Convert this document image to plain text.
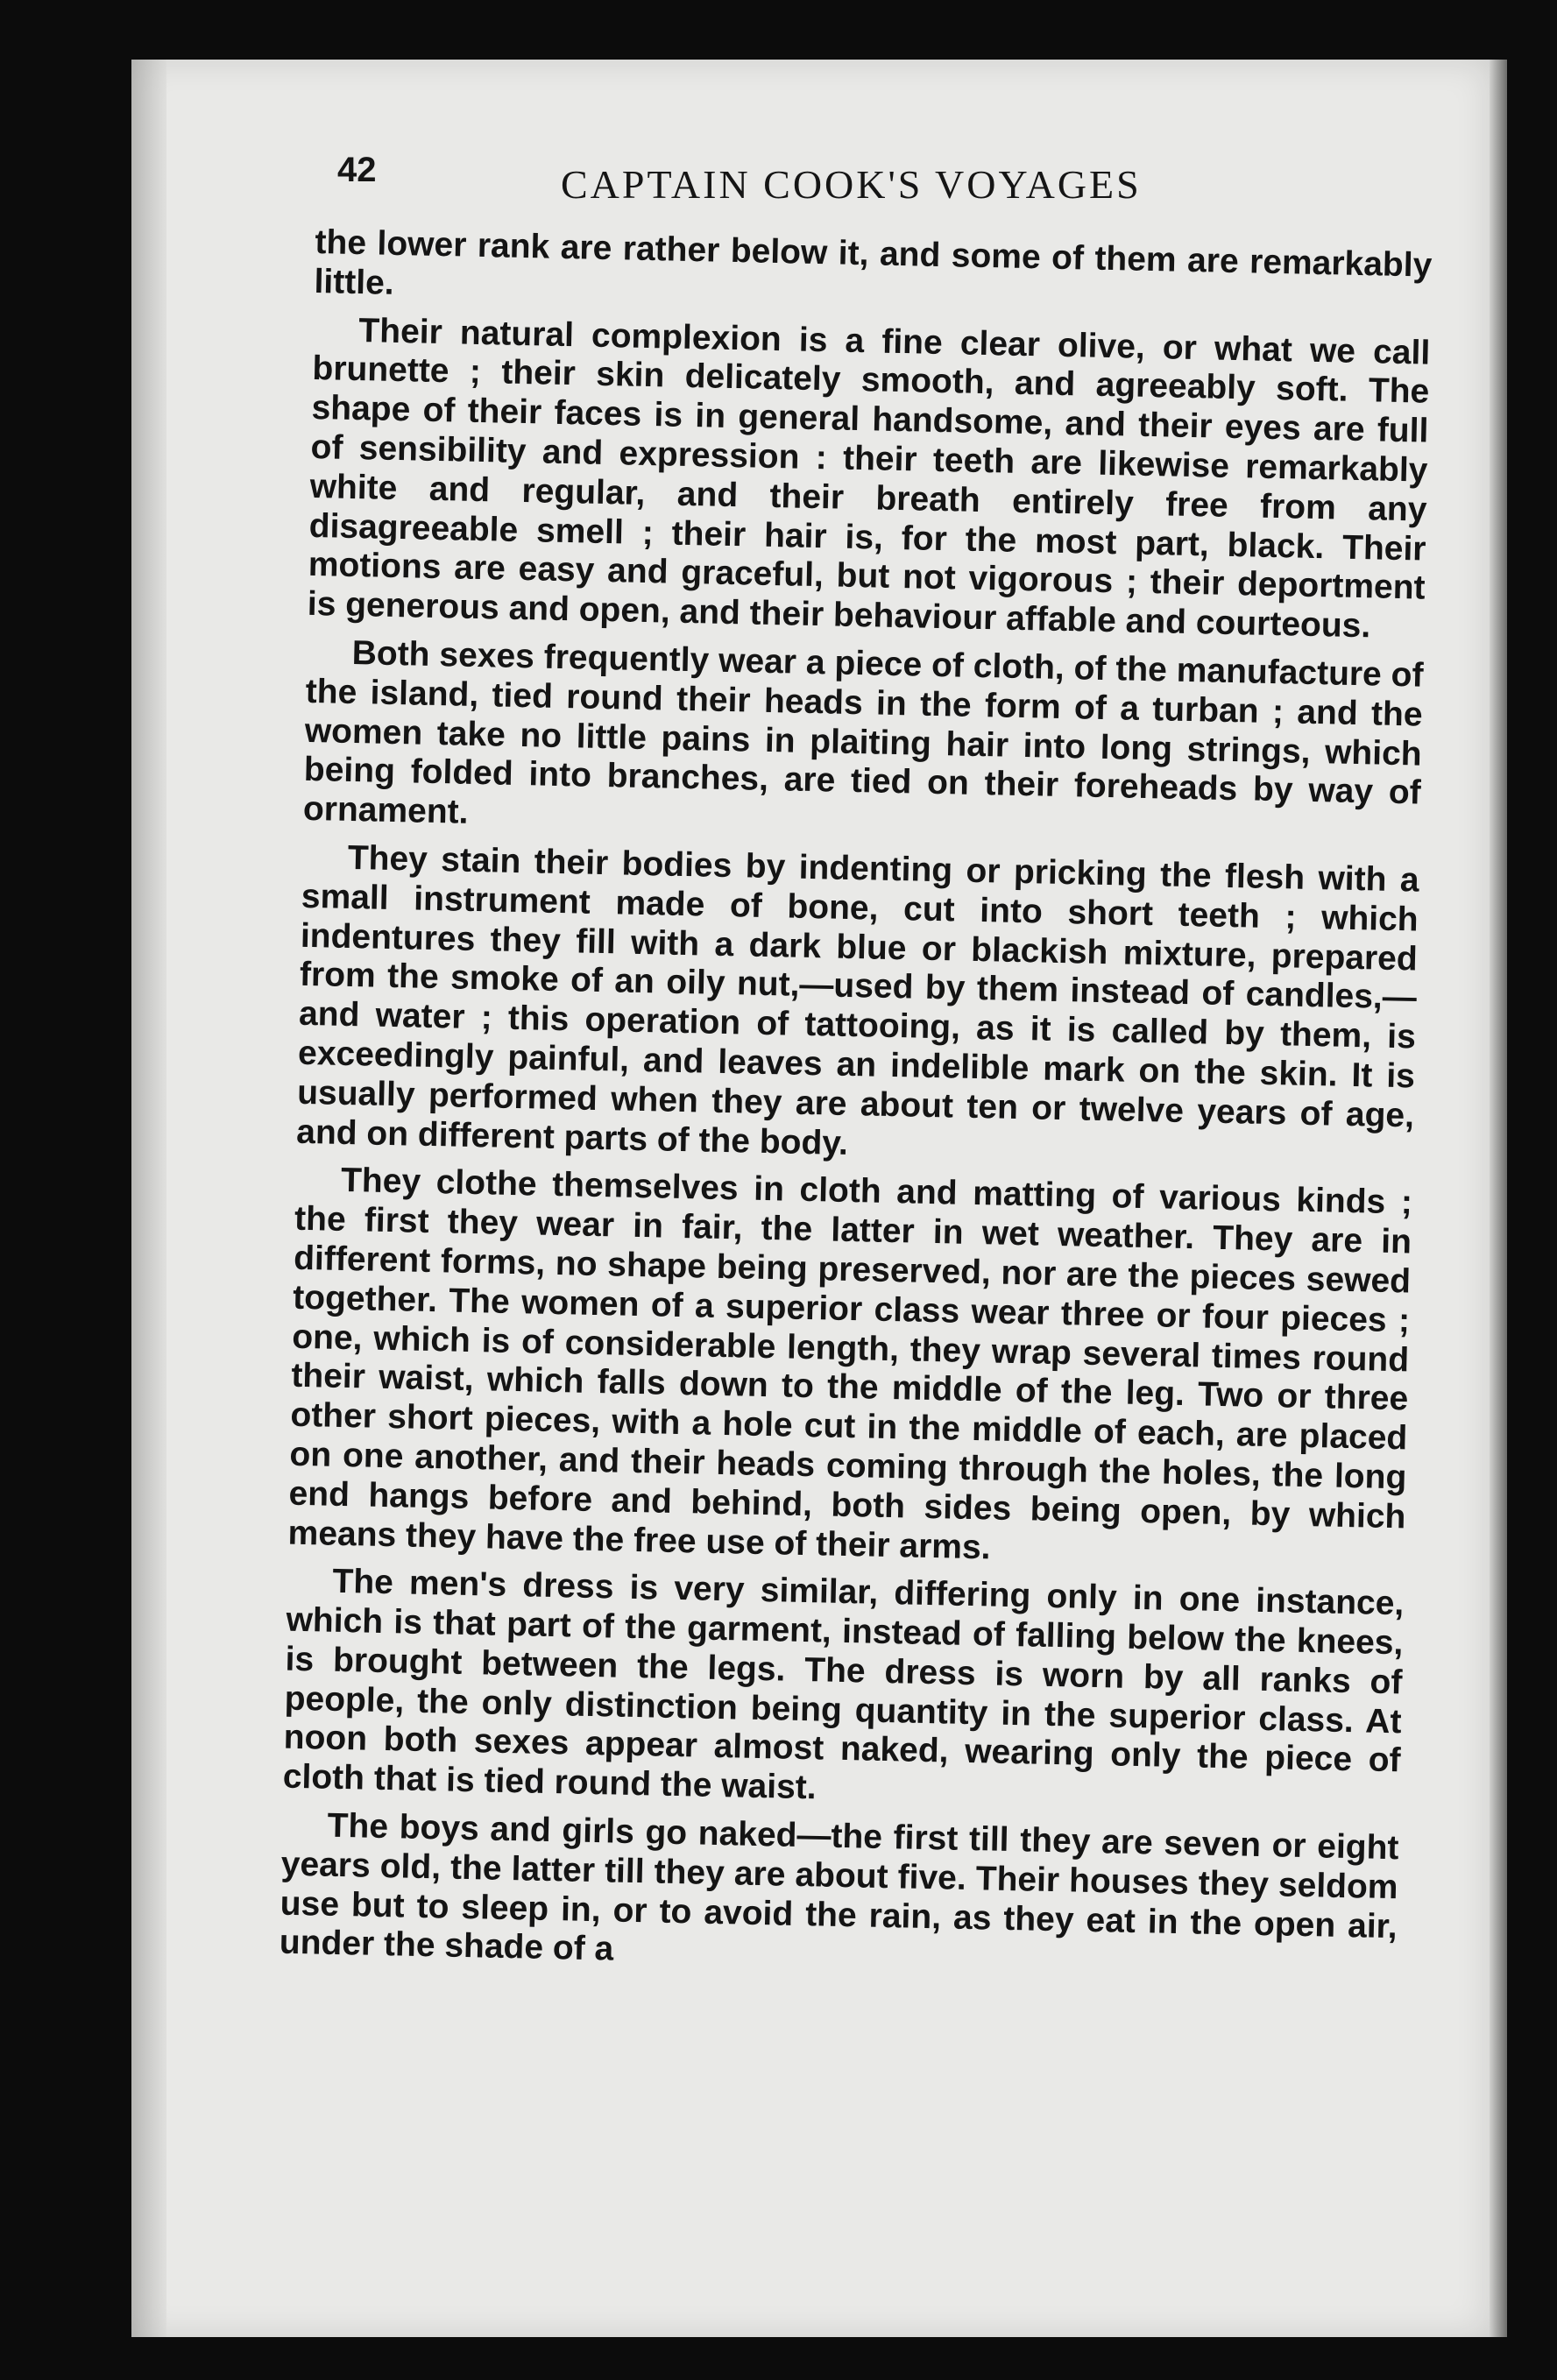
42	CAPTAIN COOK'S VOYAGES

the lower rank are rather below it, and some of them are remarkably little.

Their natural complexion is a fine clear olive, or what we call brunette ; their skin delicately smooth, and agreeably soft. The shape of their faces is in general handsome, and their eyes are full of sensibility and expression : their teeth are likewise remarkably white and regular, and their breath entirely free from any disagreeable smell ; their hair is, for the most part, black. Their motions are easy and graceful, but not vigorous ; their deportment is generous and open, and their behaviour affable and courteous.

Both sexes frequently wear a piece of cloth, of the manufacture of the island, tied round their heads in the form of a turban ; and the women take no little pains in plaiting hair into long strings, which being folded into branches, are tied on their foreheads by way of ornament.

They stain their bodies by indenting or pricking the flesh with a small instrument made of bone, cut into short teeth ; which indentures they fill with a dark blue or blackish mixture, prepared from the smoke of an oily nut,—used by them instead of candles,—and water ; this operation of tattooing, as it is called by them, is exceedingly painful, and leaves an indelible mark on the skin. It is usually performed when they are about ten or twelve years of age, and on different parts of the body.

They clothe themselves in cloth and matting of various kinds ; the first they wear in fair, the latter in wet weather. They are in different forms, no shape being preserved, nor are the pieces sewed together. The women of a superior class wear three or four pieces ; one, which is of considerable length, they wrap several times round their waist, which falls down to the middle of the leg. Two or three other short pieces, with a hole cut in the middle of each, are placed on one another, and their heads coming through the holes, the long end hangs before and behind, both sides being open, by which means they have the free use of their arms.

The men's dress is very similar, differing only in one instance, which is that part of the garment, instead of falling below the knees, is brought between the legs. The dress is worn by all ranks of people, the only distinction being quantity in the superior class. At noon both sexes appear almost naked, wearing only the piece of cloth that is tied round the waist.

The boys and girls go naked—the first till they are seven or eight years old, the latter till they are about five. Their houses they seldom use but to sleep in, or to avoid the rain, as they eat in the open air, under the shade of a
